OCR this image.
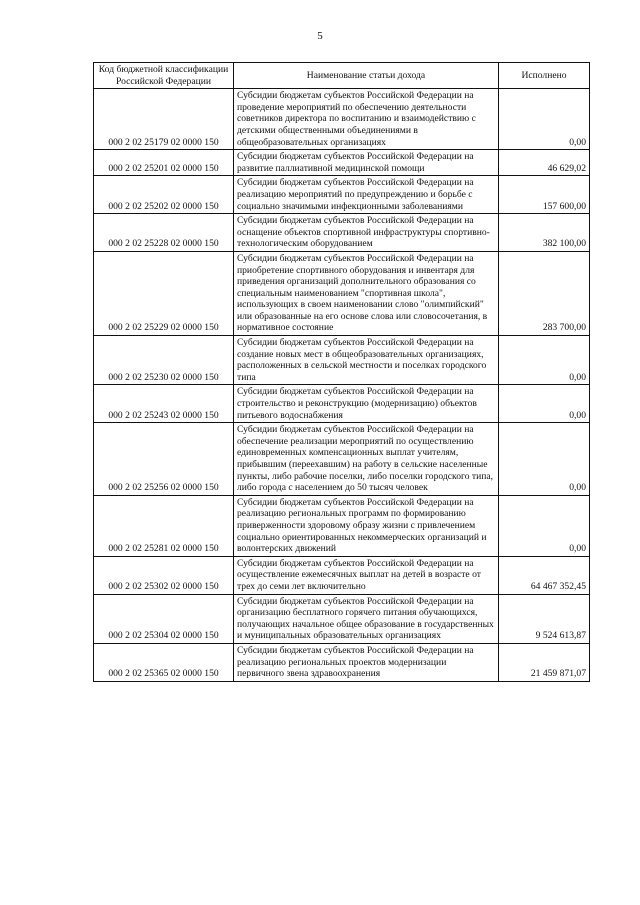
5
Код бюджетной классификации Российской Федерации	Наименование статьи дохода	Исполнено
000 2 02 25179 02 0000 150	Субсидии бюджетам субъектов Российской Федерации на проведение мероприятий по обеспечению деятельности советников директора по воспитанию и взаимодействию с детскими общественными объединениями в общеобразовательных организациях	0,00
000 2 02 25201 02 0000 150	Субсидии бюджетам субъектов Российской Федерации на развитие паллиативной медицинской помощи	46 629,02
000 2 02 25202 02 0000 150	Субсидии бюджетам субъектов Российской Федерации на реализацию мероприятий по предупреждению и борьбе с социально значимыми инфекционными заболеваниями	157 600,00
000 2 02 25228 02 0000 150	Субсидии бюджетам субъектов Российской Федерации на оснащение объектов спортивной инфраструктуры спортивно-технологическим оборудованием	382 100,00
000 2 02 25229 02 0000 150	Субсидии бюджетам субъектов Российской Федерации на приобретение спортивного оборудования и инвентаря для приведения организаций дополнительного образования со специальным наименованием "спортивная школа", использующих в своем наименовании слово "олимпийский" или образованные на его основе слова или словосочетания, в нормативное состояние	283 700,00
000 2 02 25230 02 0000 150	Субсидии бюджетам субъектов Российской Федерации на создание новых мест в общеобразовательных организациях, расположенных в сельской местности и поселках городского типа	0,00
000 2 02 25243 02 0000 150	Субсидии бюджетам субъектов Российской Федерации на строительство и реконструкцию (модернизацию) объектов питьевого водоснабжения	0,00
000 2 02 25256 02 0000 150	Субсидии бюджетам субъектов Российской Федерации на обеспечение реализации мероприятий по осуществлению единовременных компенсационных выплат учителям, прибывшим (переехавшим) на работу в сельские населенные пункты, либо рабочие поселки, либо поселки городского типа, либо города с населением до 50 тысяч человек	0,00
000 2 02 25281 02 0000 150	Субсидии бюджетам субъектов Российской Федерации на реализацию региональных программ по формированию приверженности здоровому образу жизни с привлечением социально ориентированных некоммерческих организаций и волонтерских движений	0,00
000 2 02 25302 02 0000 150	Субсидии бюджетам субъектов Российской Федерации на осуществление ежемесячных выплат на детей в возрасте от трех до семи лет включительно	64 467 352,45
000 2 02 25304 02 0000 150	Субсидии бюджетам субъектов Российской Федерации на организацию бесплатного горячего питания обучающихся, получающих начальное общее образование в государственных и муниципальных образовательных организациях	9 524 613,87
000 2 02 25365 02 0000 150	Субсидии бюджетам субъектов Российской Федерации на реализацию региональных проектов модернизации первичного звена здравоохранения	21 459 871,07
